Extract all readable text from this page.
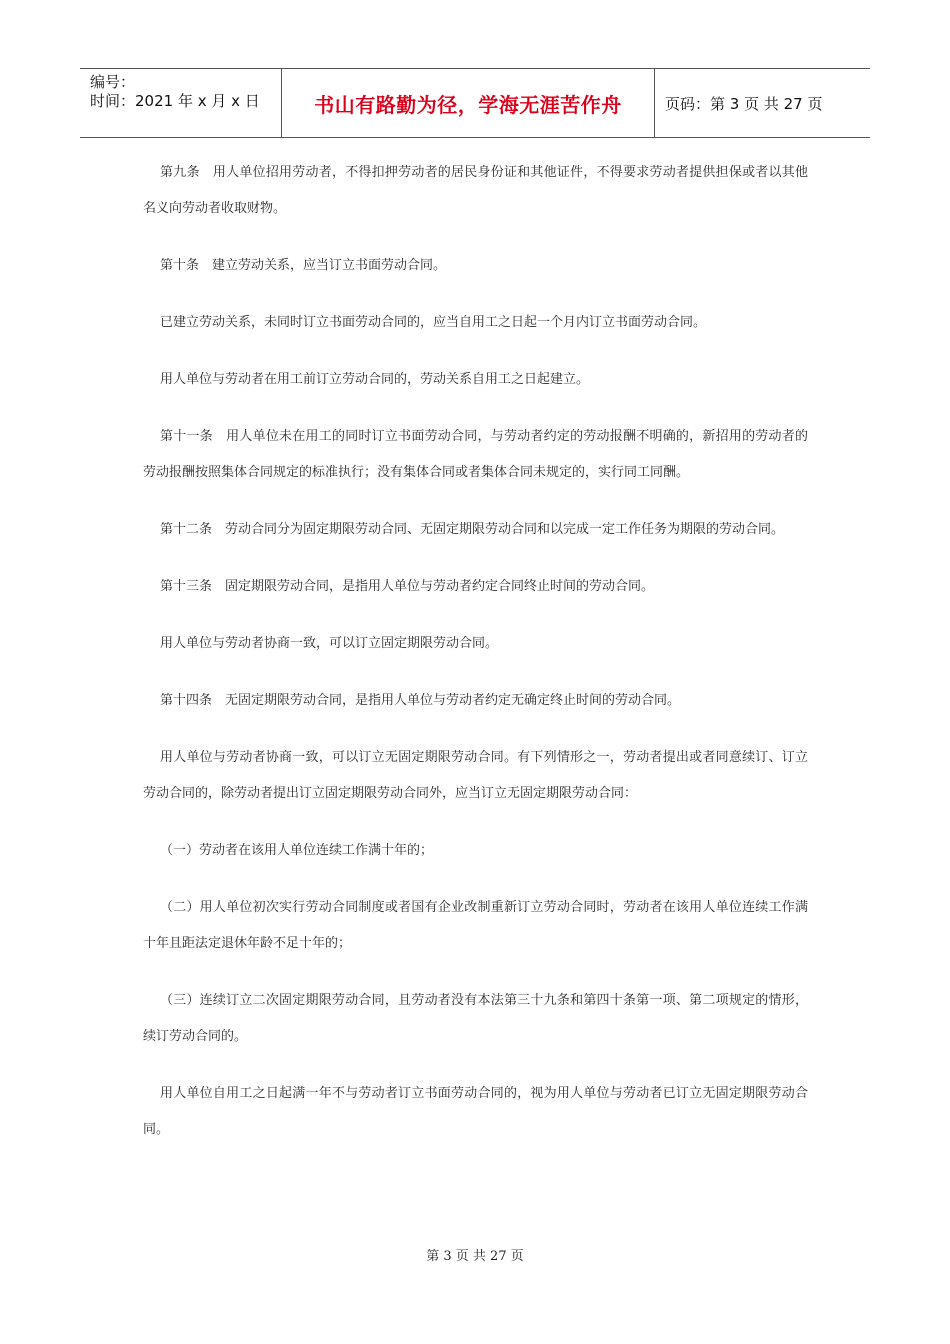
编号：
时间：2021 年 x 月 x 日	书山有路勤为径，学海无涯苦作舟	页码：第 3 页 共 27 页

第九条　用人单位招用劳动者，不得扣押劳动者的居民身份证和其他证件，不得要求劳动者提供担保或者以其他名义向劳动者收取财物。

第十条　建立劳动关系，应当订立书面劳动合同。

已建立劳动关系，未同时订立书面劳动合同的，应当自用工之日起一个月内订立书面劳动合同。

用人单位与劳动者在用工前订立劳动合同的，劳动关系自用工之日起建立。

第十一条　用人单位未在用工的同时订立书面劳动合同，与劳动者约定的劳动报酬不明确的，新招用的劳动者的劳动报酬按照集体合同规定的标准执行；没有集体合同或者集体合同未规定的，实行同工同酬。

第十二条　劳动合同分为固定期限劳动合同、无固定期限劳动合同和以完成一定工作任务为期限的劳动合同。

第十三条　固定期限劳动合同，是指用人单位与劳动者约定合同终止时间的劳动合同。

用人单位与劳动者协商一致，可以订立固定期限劳动合同。

第十四条　无固定期限劳动合同，是指用人单位与劳动者约定无确定终止时间的劳动合同。

用人单位与劳动者协商一致，可以订立无固定期限劳动合同。有下列情形之一，劳动者提出或者同意续订、订立劳动合同的，除劳动者提出订立固定期限劳动合同外，应当订立无固定期限劳动合同：

（一）劳动者在该用人单位连续工作满十年的；

（二）用人单位初次实行劳动合同制度或者国有企业改制重新订立劳动合同时，劳动者在该用人单位连续工作满十年且距法定退休年龄不足十年的；

（三）连续订立二次固定期限劳动合同，且劳动者没有本法第三十九条和第四十条第一项、第二项规定的情形，续订劳动合同的。

用人单位自用工之日起满一年不与劳动者订立书面劳动合同的，视为用人单位与劳动者已订立无固定期限劳动合同。

第 3 页 共 27 页
